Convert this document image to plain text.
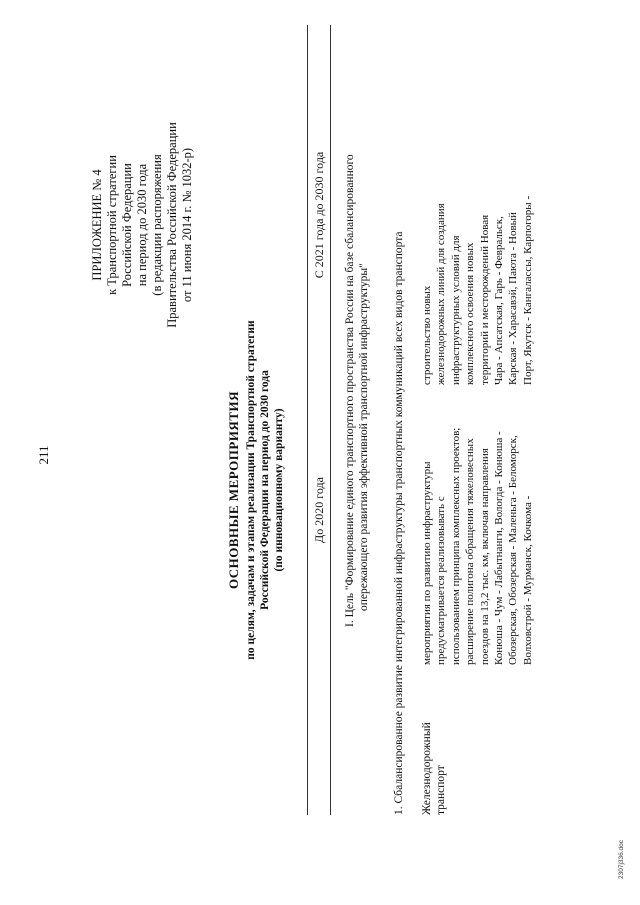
211
ПРИЛОЖЕНИЕ № 4 к Транспортной стратегии Российской Федерации на период до 2030 года (в редакции распоряжения Правительства Российской Федерации от 11 июня 2014 г. № 1032-р)
ОСНОВНЫЕ МЕРОПРИЯТИЯ по целям, задачам и этапам реализации Транспортной стратегии Российской Федерации на период до 2030 года (по инновационному варианту) До 2020 года
С 2021 года до 2030 года I. Цель "Формирование единого транспортного пространства России на базе сбалансированного опережающего развития эффективной транспортной инфраструктуры" 1. Сбалансированное развитие интегрированной инфраструктуры транспортных коммуникаций всех видов транспорта Железнодорожный транспорт
мероприятия по развитию инфраструктуры предусматривается реализовывать с использованием принципа комплексных проектов; расширение полигона обращения тяжеловесных поездов на 13,2 тыс. км, включая направления Конюша - Чум - Лабытнанги, Вологда - Конюша - Обозерская, Обозерская - Маленьга - Беломорск, Волховстрой - Мурманск, Кочкома -
строительство новых железнодорожных линий для создания инфраструктурных условий для комплексного освоения новых территорий и месторождений Новая Чара - Апсатская, Гарь - Февральск, Карская - Харасавэй, Паюта - Новый Порт, Якутск - Кангалассы, Карпогоры -
2307j336.doc
